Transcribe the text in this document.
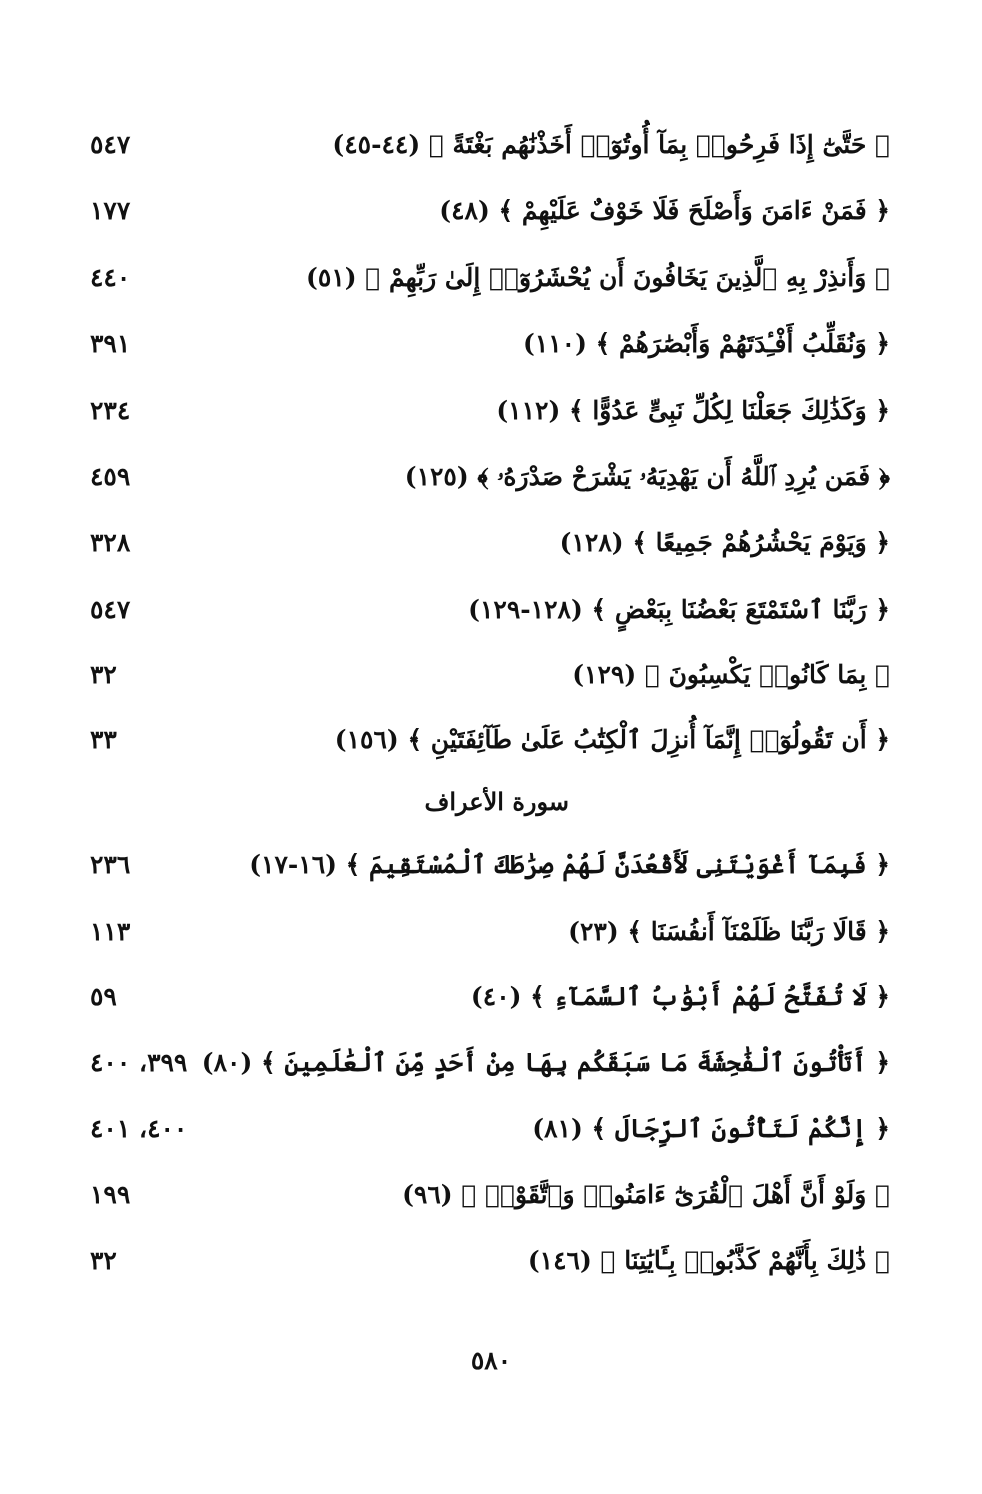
﴿ حَتَّىٰٓ إِذَا فَرِحُوا۟ بِمَآ أُوتُوٓا۟ أَخَذْنَٰهُم بَغْتَةً ﴾ (٤٤-٤٥)
٥٤٧
﴿ فَمَنْ ءَامَنَ وَأَصْلَحَ فَلَا خَوْفٌ عَلَيْهِمْ ﴾ (٤٨)
١٧٧
﴿ وَأَنذِرْ بِهِ ٱلَّذِينَ يَخَافُونَ أَن يُحْشَرُوٓا۟ إِلَىٰ رَبِّهِمْ ﴾ (٥١)
٤٤٠
﴿ وَنُقَلِّبُ أَفْـِٔدَتَهُمْ وَأَبْصَٰرَهُمْ ﴾ (١١٠)
٣٩١
﴿ وَكَذَٰلِكَ جَعَلْنَا لِكُلِّ نَبِىٍّ عَدُوًّا ﴾ (١١٢)
٢٣٤
﴿ فَمَن يُرِدِ ٱللَّهُ أَن يَهْدِيَهُۥ يَشْرَحْ صَدْرَهُۥ ﴾ (١٢٥)
٤٥٩
﴿ وَيَوْمَ يَحْشُرُهُمْ جَمِيعًا ﴾ (١٢٨)
٣٢٨
﴿ رَبَّنَا ٱسْتَمْتَعَ بَعْضُنَا بِبَعْضٍ ﴾ (١٢٨-١٢٩)
٥٤٧
﴿ بِمَا كَانُوا۟ يَكْسِبُونَ ﴾ (١٢٩)
٣٢
﴿ أَن تَقُولُوٓا۟ إِنَّمَآ أُنزِلَ ٱلْكِتَٰبُ عَلَىٰ طَآئِفَتَيْنِ ﴾ (١٥٦)
٣٣
سورة الأعراف
﴿ فَبِمَآ أَغْوَيْتَنِى لَأَقْعُدَنَّ لَهُمْ صِرَٰطَكَ ٱلْمُسْتَقِيمَ ﴾ (١٦-١٧)
٢٣٦
﴿ قَالَا رَبَّنَا ظَلَمْنَآ أَنفُسَنَا ﴾ (٢٣)
١١٣
﴿ لَا تُفَتَّحُ لَهُمْ أَبْوَٰبُ ٱلسَّمَآءِ ﴾ (٤٠)
٥٩
﴿ أَتَأْتُونَ ٱلْفَٰحِشَةَ مَا سَبَقَكُم بِهَا مِنْ أَحَدٍ مِّنَ ٱلْعَٰلَمِينَ ﴾ (٨٠)
٣٩٩، ٤٠٠
﴿ إِنَّكُمْ لَتَأْتُونَ ٱلرِّجَالَ ﴾ (٨١)
٤٠٠، ٤٠١
﴿ وَلَوْ أَنَّ أَهْلَ ٱلْقُرَىٰٓ ءَامَنُوا۟ وَٱتَّقَوْا۟ ﴾ (٩٦)
١٩٩
﴿ ذَٰلِكَ بِأَنَّهُمْ كَذَّبُوا۟ بِـَٔايَٰتِنَا ﴾ (١٤٦)
٣٢
٥٨٠
